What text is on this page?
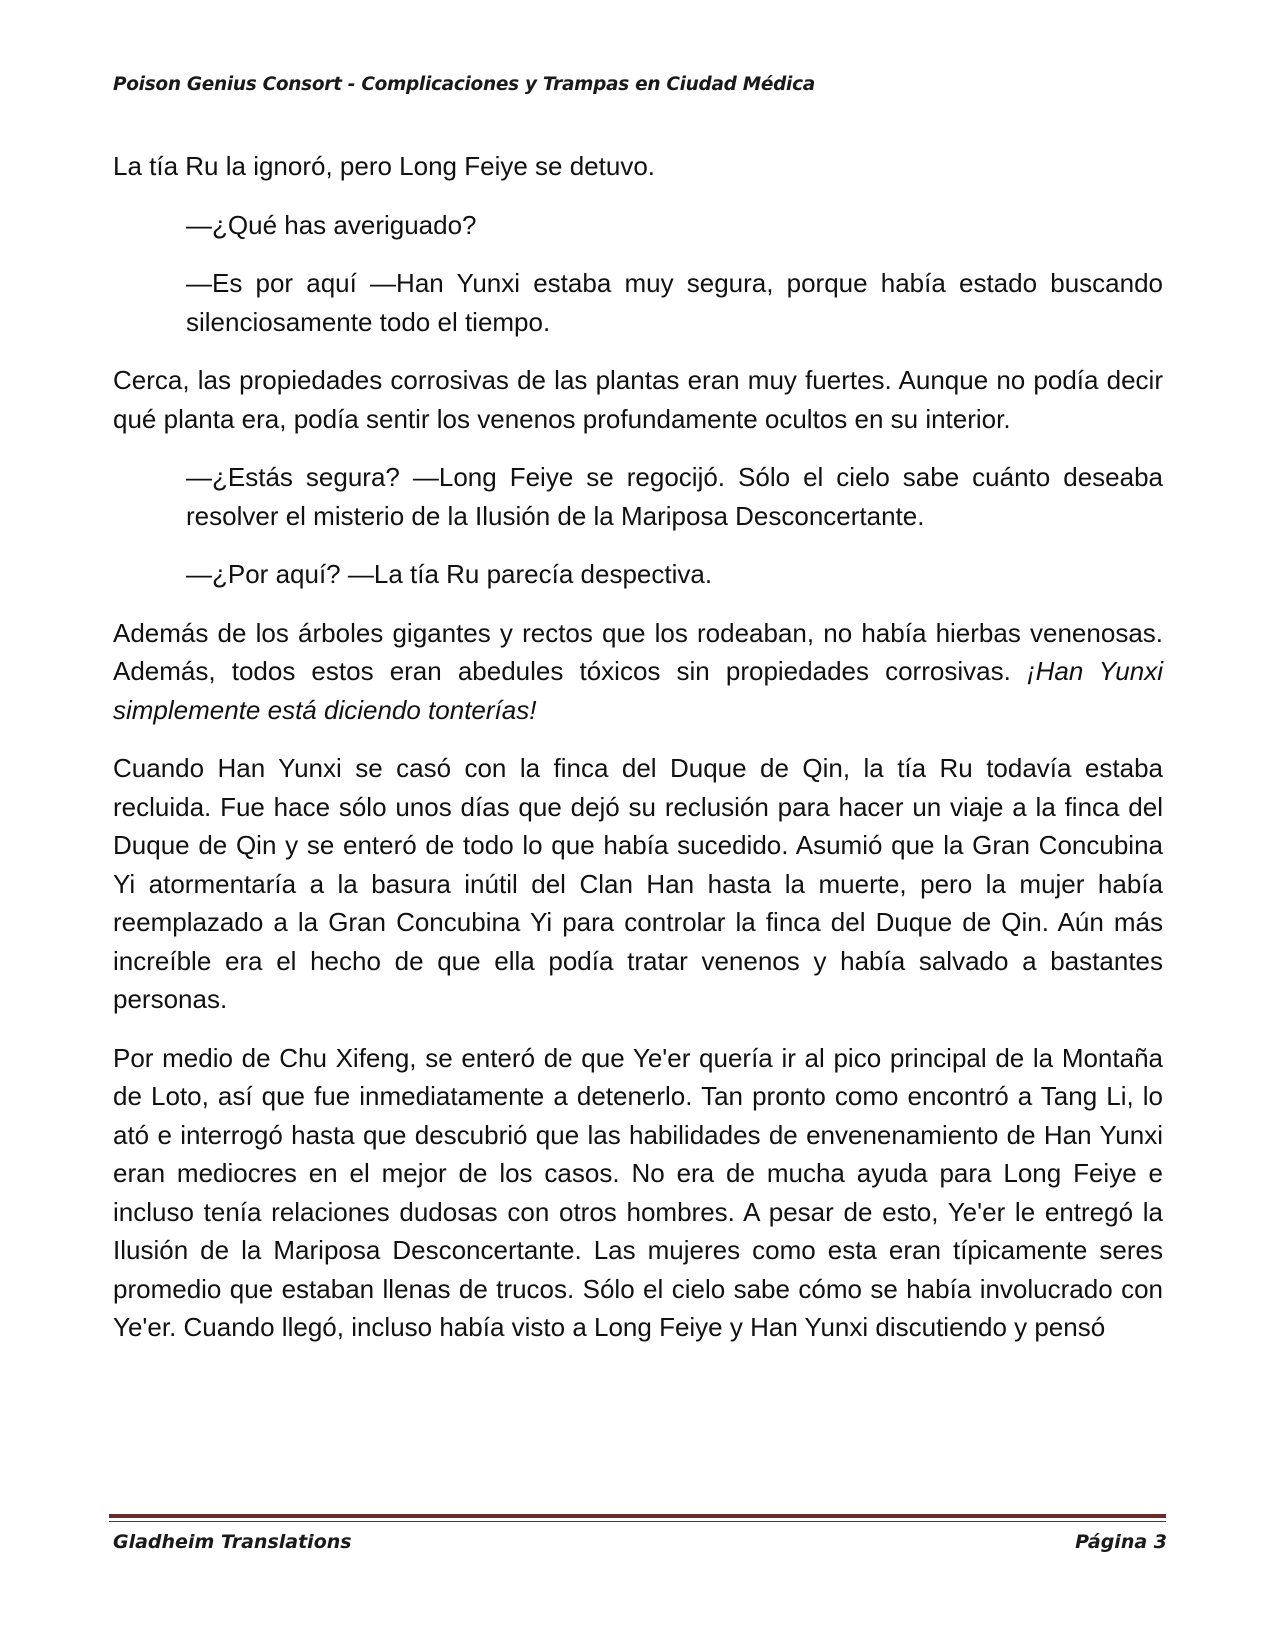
Poison Genius Consort - Complicaciones y Trampas en Ciudad Médica

La tía Ru la ignoró, pero Long Feiye se detuvo.

—¿Qué has averiguado?

—Es por aquí —Han Yunxi estaba muy segura, porque había estado buscando silenciosamente todo el tiempo.

Cerca, las propiedades corrosivas de las plantas eran muy fuertes. Aunque no podía decir qué planta era, podía sentir los venenos profundamente ocultos en su interior.

—¿Estás segura? —Long Feiye se regocijó. Sólo el cielo sabe cuánto deseaba resolver el misterio de la Ilusión de la Mariposa Desconcertante.

—¿Por aquí? —La tía Ru parecía despectiva.

Además de los árboles gigantes y rectos que los rodeaban, no había hierbas venenosas. Además, todos estos eran abedules tóxicos sin propiedades corrosivas. ¡Han Yunxi simplemente está diciendo tonterías!

Cuando Han Yunxi se casó con la finca del Duque de Qin, la tía Ru todavía estaba recluida. Fue hace sólo unos días que dejó su reclusión para hacer un viaje a la finca del Duque de Qin y se enteró de todo lo que había sucedido. Asumió que la Gran Concubina Yi atormentaría a la basura inútil del Clan Han hasta la muerte, pero la mujer había reemplazado a la Gran Concubina Yi para controlar la finca del Duque de Qin. Aún más increíble era el hecho de que ella podía tratar venenos y había salvado a bastantes personas.

Por medio de Chu Xifeng, se enteró de que Ye'er quería ir al pico principal de la Montaña de Loto, así que fue inmediatamente a detenerlo. Tan pronto como encontró a Tang Li, lo ató e interrogó hasta que descubrió que las habilidades de envenenamiento de Han Yunxi eran mediocres en el mejor de los casos. No era de mucha ayuda para Long Feiye e incluso tenía relaciones dudosas con otros hombres. A pesar de esto, Ye'er le entregó la Ilusión de la Mariposa Desconcertante. Las mujeres como esta eran típicamente seres promedio que estaban llenas de trucos. Sólo el cielo sabe cómo se había involucrado con Ye'er. Cuando llegó, incluso había visto a Long Feiye y Han Yunxi discutiendo y pensó

Gladheim Translations	Página 3
